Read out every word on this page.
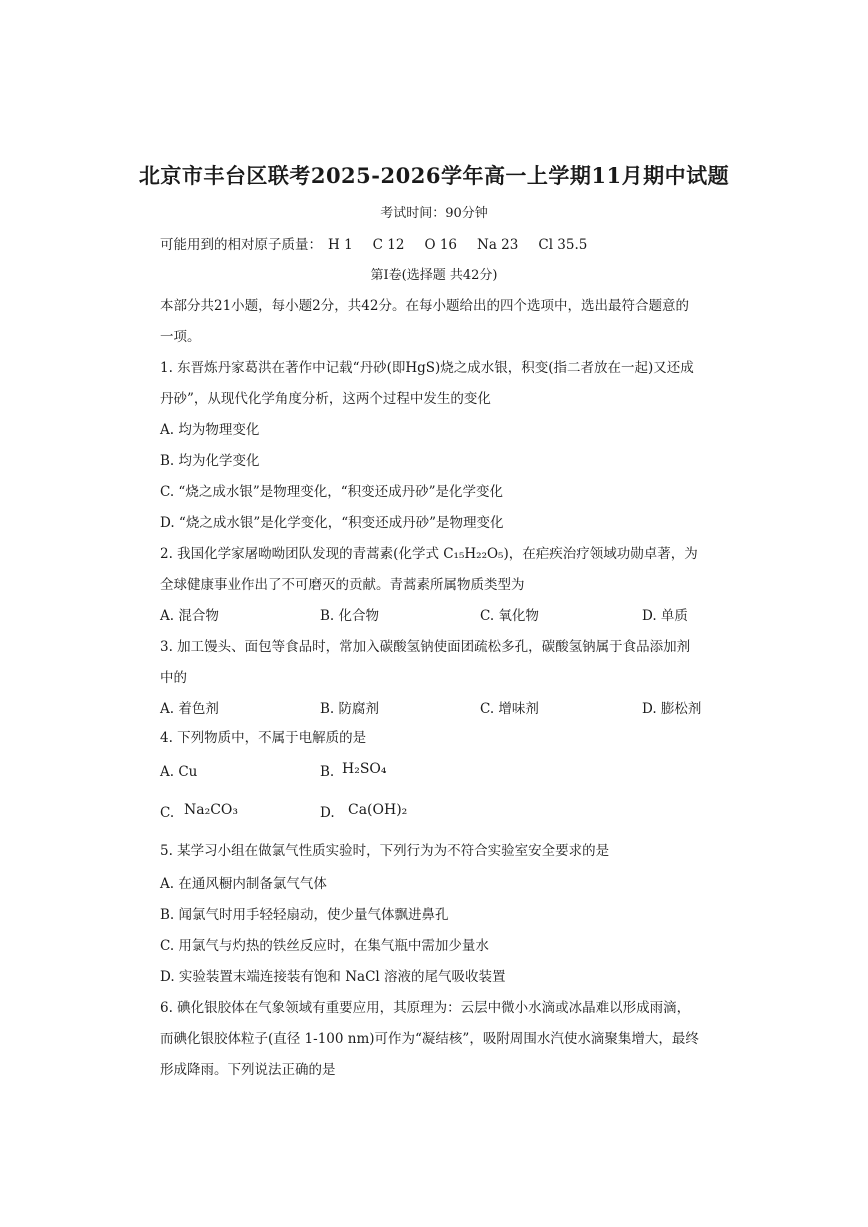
北京市丰台区联考2025-2026学年高一上学期11月期中试题
考试时间：90分钟
可能用到的相对原子质量： H 1 C 12 O 16 Na 23 Cl 35.5
第Ⅰ卷(选择题 共42分)
本部分共21小题，每小题2分，共42分。在每小题给出的四个选项中，选出最符合题意的
一项。
1. 东晋炼丹家葛洪在著作中记载“丹砂(即HgS)烧之成水银，积变(指二者放在一起)又还成
丹砂”，从现代化学角度分析，这两个过程中发生的变化
A. 均为物理变化
B. 均为化学变化
C. “烧之成水银”是物理变化，“积变还成丹砂”是化学变化
D. “烧之成水银”是化学变化，“积变还成丹砂”是物理变化
2. 我国化学家屠呦呦团队发现的青蒿素(化学式 C₁₅H₂₂O₅)，在疟疾治疗领域功勋卓著，为
全球健康事业作出了不可磨灭的贡献。青蒿素所属物质类型为
A. 混合物	B. 化合物	C. 氧化物	D. 单质
3. 加工馒头、面包等食品时，常加入碳酸氢钠使面团疏松多孔，碳酸氢钠属于食品添加剂
中的
A. 着色剂	B. 防腐剂	C. 增味剂	D. 膨松剂
4. 下列物质中，不属于电解质的是
A. Cu	B. H₂SO₄
C. Na₂CO₃	D. Ca(OH)₂
5. 某学习小组在做氯气性质实验时，下列行为为不符合实验室安全要求的是
A. 在通风橱内制备氯气气体
B. 闻氯气时用手轻轻扇动，使少量气体飘进鼻孔
C. 用氯气与灼热的铁丝反应时，在集气瓶中需加少量水
D. 实验装置末端连接装有饱和 NaCl 溶液的尾气吸收装置
6. 碘化银胶体在气象领域有重要应用，其原理为：云层中微小水滴或冰晶难以形成雨滴，
而碘化银胶体粒子(直径 1-100 nm)可作为“凝结核”，吸附周围水汽使水滴聚集增大，最终
形成降雨。下列说法正确的是
